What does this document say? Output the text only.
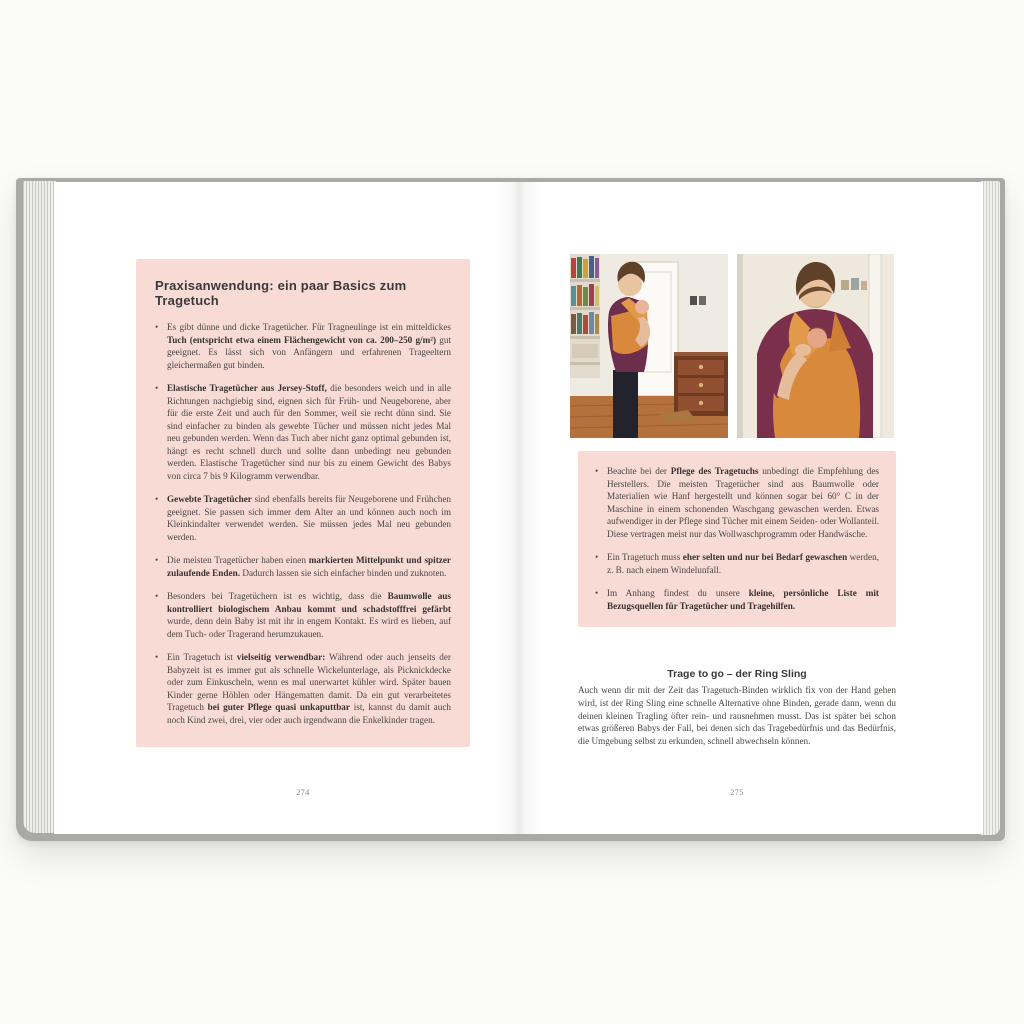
Praxisanwendung: ein paar Basics zum Tragetuch
• Es gibt dünne und dicke Tragetücher. Für Tragneulinge ist ein mitteldickes Tuch (entspricht etwa einem Flächengewicht von ca. 200–250 g/m²) gut geeignet. Es lässt sich von Anfängern und erfahrenen Trageeltern gleichermaßen gut binden.
• Elastische Tragetücher aus Jersey-Stoff, die besonders weich und in alle Richtungen nachgiebig sind, eignen sich für Früh- und Neugeborene, aber für die erste Zeit und auch für den Sommer, weil sie recht dünn sind. Sie sind einfacher zu binden als gewebte Tücher und müssen nicht jedes Mal neu gebunden werden. Wenn das Tuch aber nicht ganz optimal gebunden ist, hängt es recht schnell durch und sollte dann unbedingt neu gebunden werden. Elastische Tragetücher sind nur bis zu einem Gewicht des Babys von circa 7 bis 9 Kilogramm verwendbar.
• Gewebte Tragetücher sind ebenfalls bereits für Neugeborene und Frühchen geeignet. Sie passen sich immer dem Alter an und können auch noch im Kleinkindalter verwendet werden. Sie müssen jedes Mal neu gebunden werden.
• Die meisten Tragetücher haben einen markierten Mittelpunkt und spitzer zulaufende Enden. Dadurch lassen sie sich einfacher binden und zuknoten.
• Besonders bei Tragetüchern ist es wichtig, dass die Baumwolle aus kontrolliert biologischem Anbau kommt und schadstofffrei gefärbt wurde, denn dein Baby ist mit ihr in engem Kontakt. Es wird es lieben, auf dem Tuch- oder Tragerand herumzukauen.
• Ein Tragetuch ist vielseitig verwendbar: Während oder auch jenseits der Babyzeit ist es immer gut als schnelle Wickelunterlage, als Picknickdecke oder zum Einkuscheln, wenn es mal unerwartet kühler wird. Später bauen Kinder gerne Höhlen oder Hängematten damit. Da ein gut verarbeitetes Tragetuch bei guter Pflege quasi unkaputtbar ist, kannst du damit auch noch Kind zwei, drei, vier oder auch irgendwann die Enkelkinder tragen.
274
• Beachte bei der Pflege des Tragetuchs unbedingt die Empfehlung des Herstellers. Die meisten Tragetücher sind aus Baumwolle oder Materialien wie Hanf hergestellt und können sogar bei 60° C in der Maschine in einem schonenden Waschgang gewaschen werden. Etwas aufwendiger in der Pflege sind Tücher mit einem Seiden- oder Wollanteil. Diese vertragen meist nur das Wollwaschprogramm oder Handwäsche.
• Ein Tragetuch muss eher selten und nur bei Bedarf gewaschen werden, z. B. nach einem Windelunfall.
• Im Anhang findest du unsere kleine, persönliche Liste mit Bezugsquellen für Tragetücher und Tragehilfen.
Trage to go – der Ring Sling

Auch wenn dir mit der Zeit das Tragetuch-Binden wirklich fix von der Hand gehen wird, ist der Ring Sling eine schnelle Alternative ohne Binden, gerade dann, wenn du deinen kleinen Tragling öfter rein- und rausnehmen musst. Das ist später bei schon etwas größeren Babys der Fall, bei denen sich das Tragebedürfnis und das Bedürfnis, die Umgebung selbst zu erkunden, schnell abwechseln können.

275
